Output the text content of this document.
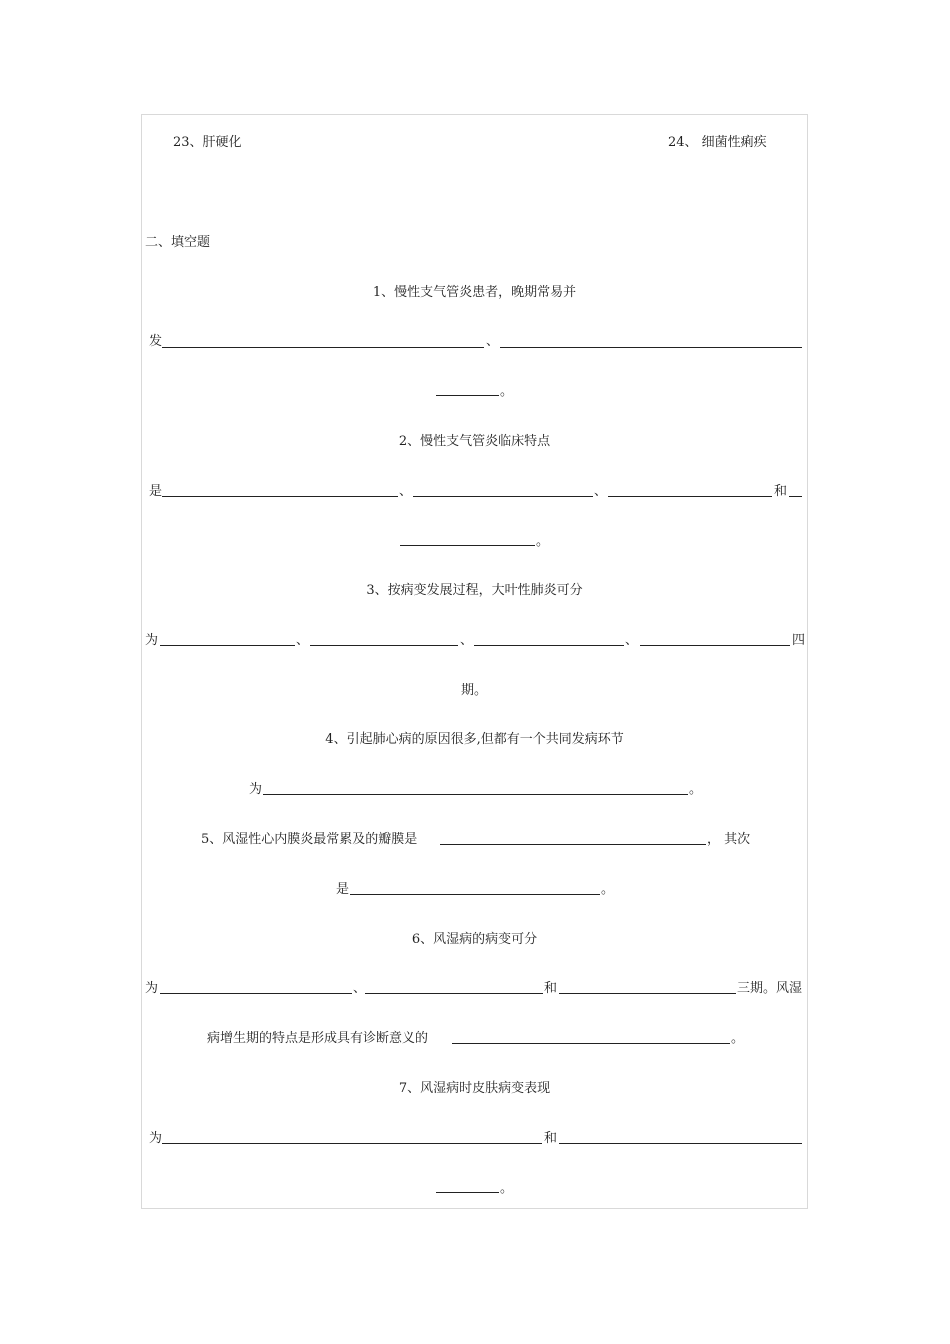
23、肝硬化	24、 细菌性痢疾
二、填空题
1、慢性支气管炎患者，晚期常易并
发	、
。
2、慢性支气管炎临床特点
是	、	、	和
。
3、按病变发展过程，大叶性肺炎可分
为	、	、	、	四
期。
4、引起肺心病的原因很多,但都有一个共同发病环节
为	。
5、风湿性心内膜炎最常累及的瓣膜是	， 其次
是	。
6、风湿病的病变可分
为	、	和	三期。风湿
病增生期的特点是形成具有诊断意义的	。
7、风湿病时皮肤病变表现
为	和
。
